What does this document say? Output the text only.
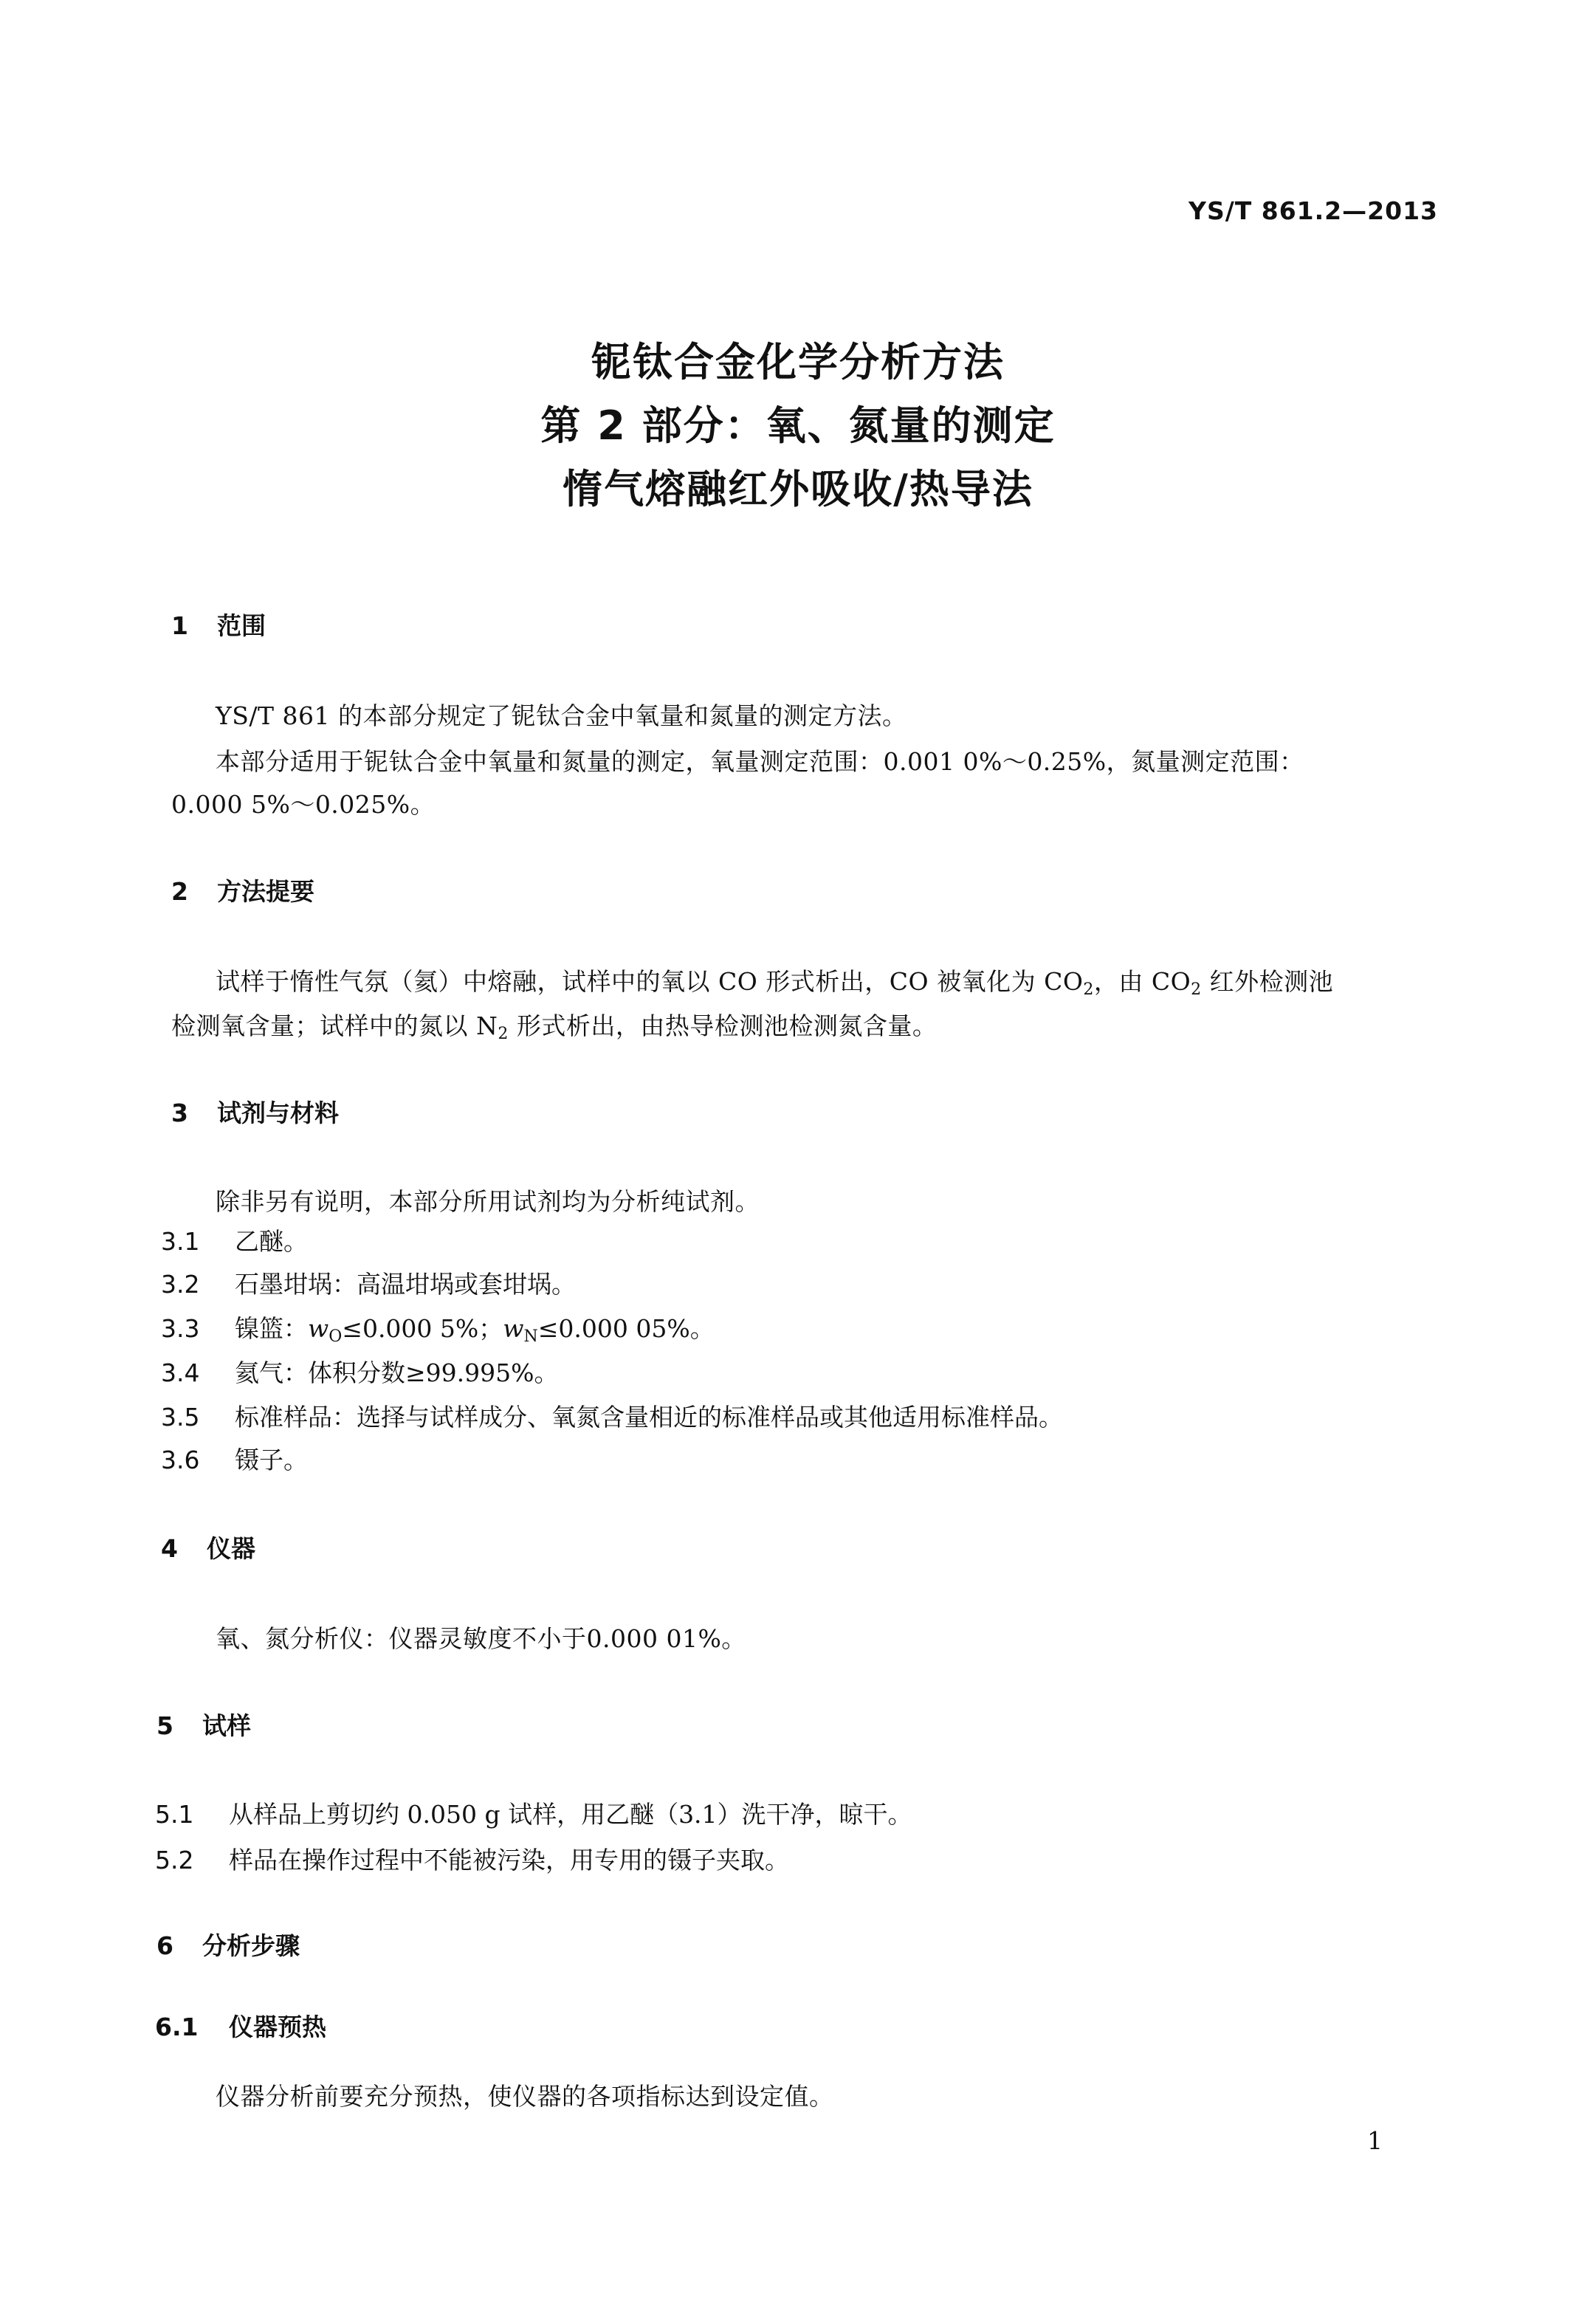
YS/T 861.2—2013
铌钛合金化学分析方法
第 2 部分：氧、氮量的测定
惰气熔融红外吸收/热导法
1 范围
YS/T 861 的本部分规定了铌钛合金中氧量和氮量的测定方法。
本部分适用于铌钛合金中氧量和氮量的测定，氧量测定范围：0.001 0%～0.25%，氮量测定范围：
0.000 5%～0.025%。
2 方法提要
试样于惰性气氛（氦）中熔融，试样中的氧以 CO 形式析出，CO 被氧化为 $CO_2$，由 $CO_2$ 红外检测池
检测氧含量；试样中的氮以 $N_2$ 形式析出，由热导检测池检测氮含量。
3 试剂与材料
除非另有说明，本部分所用试剂均为分析纯试剂。
3.1 乙醚。
3.2 石墨坩埚：高温坩埚或套坩埚。
3.3 镍篮：$w_O\le 0.000$ 5%；$w_N\le 0.000$ 05%。
3.4 氦气：体积分数≥99.995%。
3.5 标准样品：选择与试样成分、氧氮含量相近的标准样品或其他适用标准样品。
3.6 镊子。
4 仪器
氧、氮分析仪：仪器灵敏度不小于0.000 01%。
5 试样
5.1 从样品上剪切约 0.050 g 试样，用乙醚（3.1）洗干净，晾干。
5.2 样品在操作过程中不能被污染，用专用的镊子夹取。
6 分析步骤
6.1 仪器预热
仪器分析前要充分预热，使仪器的各项指标达到设定值。
1
